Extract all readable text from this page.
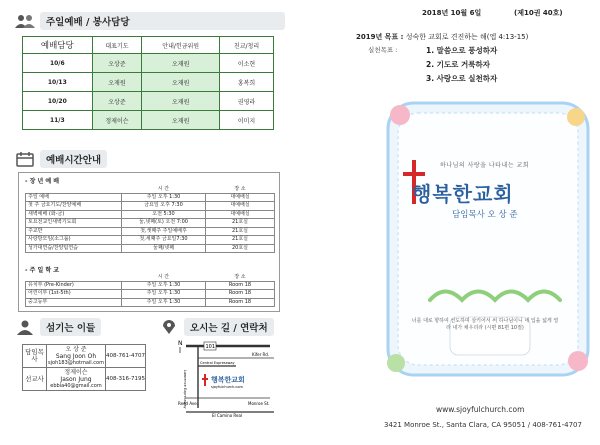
주일예배 / 봉사담당
예배담당	대표기도	안내/헌금위원	친교/청리
10/6	오상준	오재원	이소현
10/13	오재원	오재원	홍복희
10/20	오상준	오재원	권영라
11/3	정제이슨	오재원	이미지
예배시간안내
- 장 년 예 배
	시 간	장 소
주일 예배	주일 오후 1:30	대예배실
첫 주 금요기도/찬양예배	금요일 오후 7:30	대예배실
새벽예배 (화-금)	오전 5:30	대예배실
토요전교인새벽기도회	둘,넷째(토) 오전 7:00	21호실
주교반	첫,셋째주 주일예배후	21호실
사랑방모임(소그룹)	첫,세째주 금요일7:30	21호실
성가대연습/찬양팀연습	둘째/넷째	20호실
- 주 일 학 교
	시 간	장 소
유치부 (Pre-Kinder)	주일 오후 1:30	Room 18
어린이부 (1st-5th)	주일 오후 1:30	Room 18
중고등부	주일 오후 1:30	Room 18
섬기는 이들
담임목사	오 상 준
Sang Joon Oh
sjoh183@hotmail.com	408-761-4707
선교사	정제이슨
Jason Jung
ebbia40@gmail.com	408-316-7195
오시는 길 / 연락처
N	101
Kifer Rd.
Central Expressway
Lawrence Expressway
Reed Ave.	Monroe St.
El Camino Real
행복한교회
sjoyfulchurch.com
2018년 10월 6일	(제10권 40호)
2019년 목표 : 성숙한 교회로 견진하는 해(엡 4:13-15)
실천목표 :	1. 말씀으로 풍성하자
2. 기도로 거룩하자
3. 사랑으로 실천하자
하나님의 사랑을 나타내는 교회
행복한교회
담임목사 오 상 준
너를 대로 향하여 선도하며 삼키어서 써 하나님이니 네 입을 넓게 열라 내가 채우리라 (시편 81편 10절)
www.sjoyfulchurch.com
3421 Monroe St., Santa Clara, CA 95051 / 408-761-4707
